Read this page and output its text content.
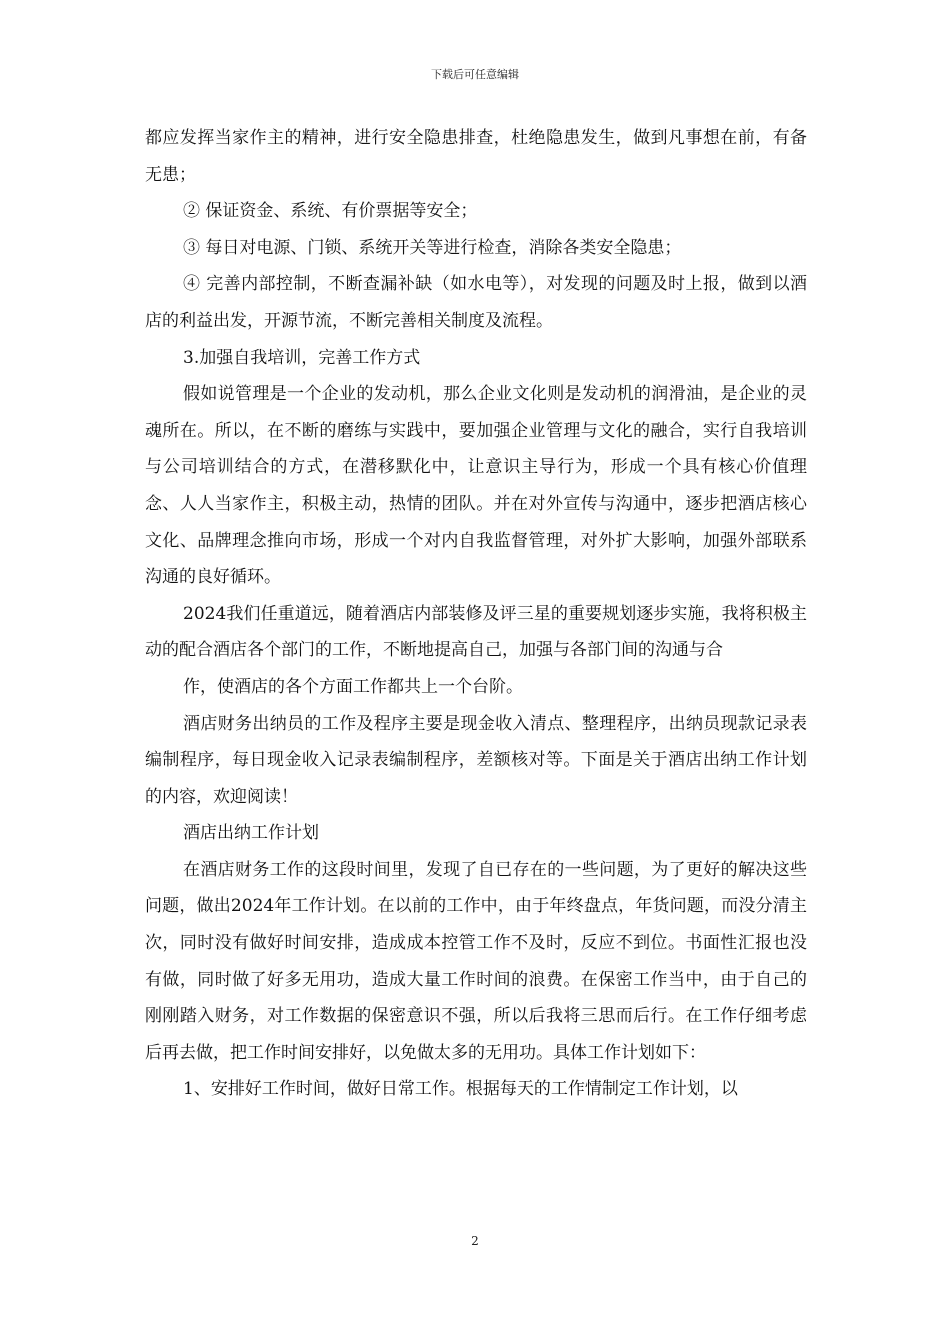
下载后可任意编辑

都应发挥当家作主的精神，进行安全隐患排查，杜绝隐患发生，做到凡事想在前，有备无患；

② 保证资金、系统、有价票据等安全；

③ 每日对电源、门锁、系统开关等进行检查，消除各类安全隐患；

④ 完善内部控制，不断查漏补缺（如水电等），对发现的问题及时上报，做到以酒店的利益出发，开源节流，不断完善相关制度及流程。

3.加强自我培训，完善工作方式

假如说管理是一个企业的发动机，那么企业文化则是发动机的润滑油，是企业的灵魂所在。所以，在不断的磨练与实践中，要加强企业管理与文化的融合，实行自我培训与公司培训结合的方式，在潜移默化中，让意识主导行为，形成一个具有核心价值理念、人人当家作主，积极主动，热情的团队。并在对外宣传与沟通中，逐步把酒店核心文化、品牌理念推向市场，形成一个对内自我监督管理，对外扩大影响，加强外部联系沟通的良好循环。

2024我们任重道远，随着酒店内部装修及评三星的重要规划逐步实施，我将积极主动的配合酒店各个部门的工作，不断地提高自己，加强与各部门间的沟通与合

作，使酒店的各个方面工作都共上一个台阶。

酒店财务出纳员的工作及程序主要是现金收入清点、整理程序，出纳员现款记录表编制程序，每日现金收入记录表编制程序，差额核对等。下面是关于酒店出纳工作计划的内容，欢迎阅读！

酒店出纳工作计划

在酒店财务工作的这段时间里，发现了自已存在的一些问题，为了更好的解决这些问题，做出2024年工作计划。在以前的工作中，由于年终盘点，年货问题，而没分清主次，同时没有做好时间安排，造成成本控管工作不及时，反应不到位。书面性汇报也没有做，同时做了好多无用功，造成大量工作时间的浪费。在保密工作当中，由于自己的刚刚踏入财务，对工作数据的保密意识不强，所以后我将三思而后行。在工作仔细考虑后再去做，把工作时间安排好，以免做太多的无用功。具体工作计划如下：

1、安排好工作时间，做好日常工作。根据每天的工作情制定工作计划，以

2
